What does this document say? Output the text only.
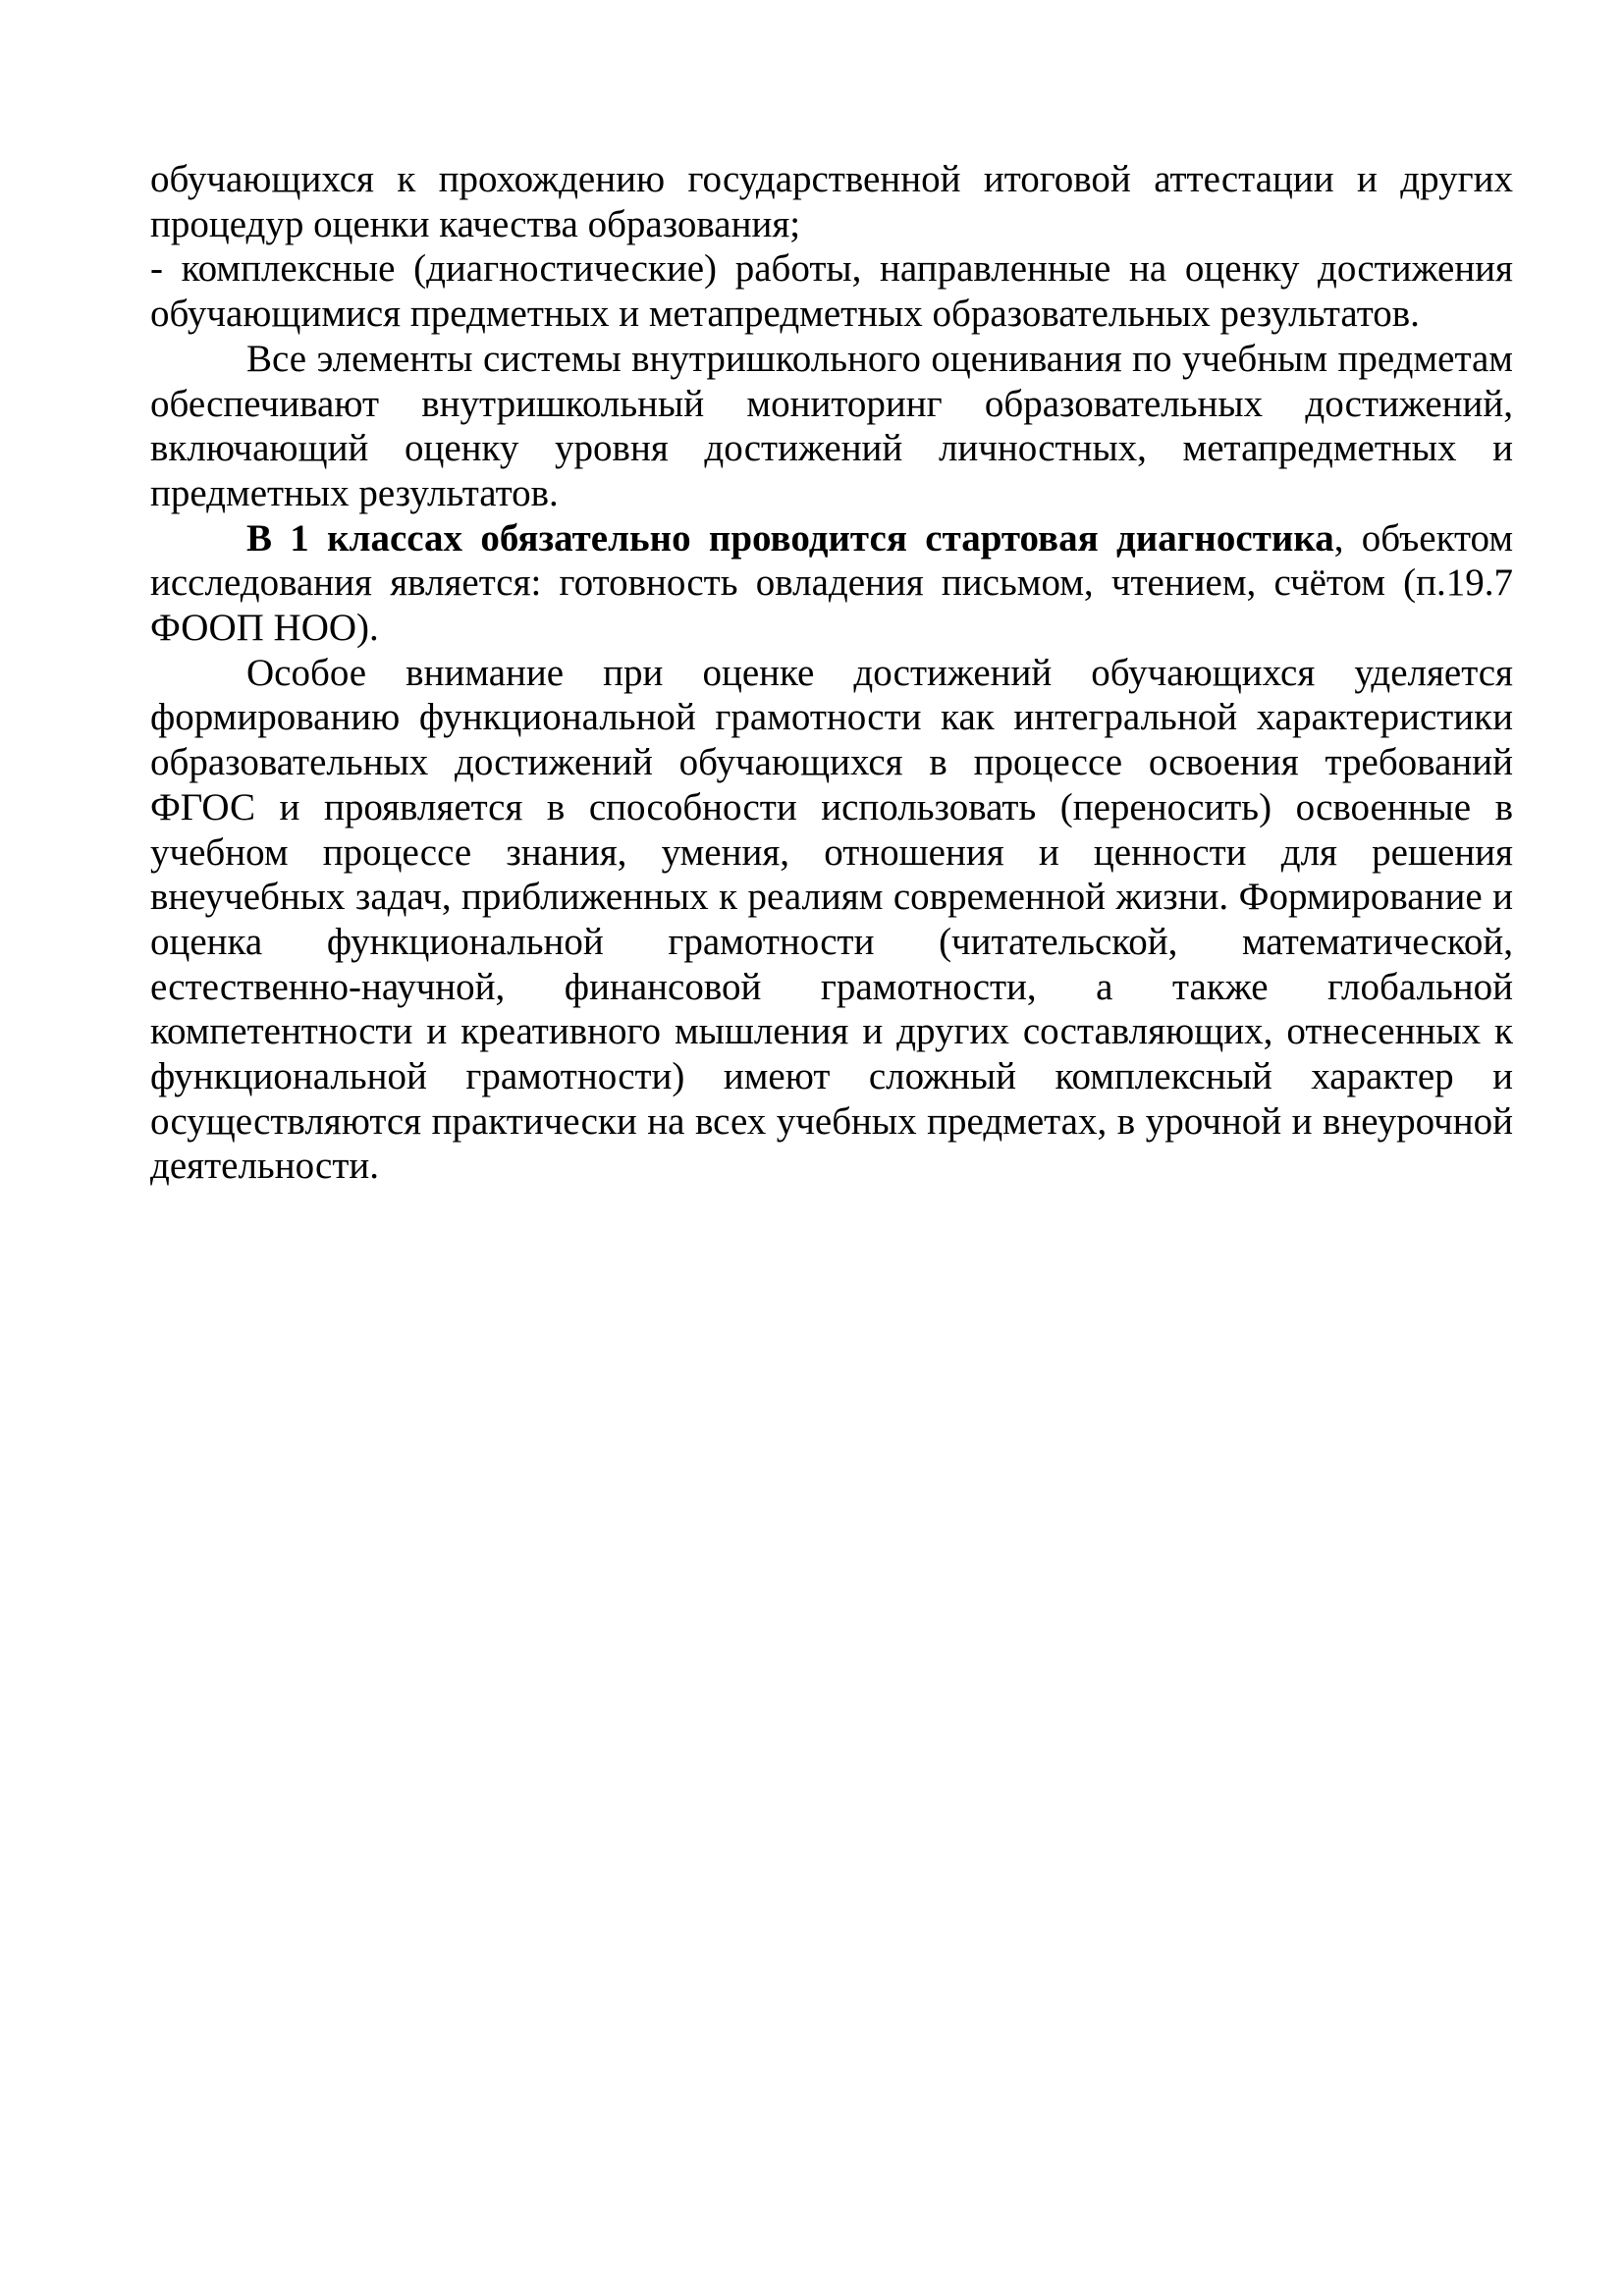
обучающихся к прохождению государственной итоговой аттестации и других процедур оценки качества образования;

- комплексные (диагностические) работы, направленные на оценку достижения обучающимися предметных и метапредметных образовательных результатов.

Все элементы системы внутришкольного оценивания по учебным предметам обеспечивают внутришкольный мониторинг образовательных достижений, включающий оценку уровня достижений личностных, метапредметных и предметных результатов.

В 1 классах обязательно проводится стартовая диагностика, объектом исследования является: готовность овладения письмом, чтением, счётом (п.19.7 ФООП НОО).

Особое внимание при оценке достижений обучающихся уделяется формированию функциональной грамотности как интегральной характеристики образовательных достижений обучающихся в процессе освоения требований ФГОС и проявляется в способности использовать (переносить) освоенные в учебном процессе знания, умения, отношения и ценности для решения внеучебных задач, приближенных к реалиям современной жизни. Формирование и оценка функциональной грамотности (читательской, математической, естественно-научной, финансовой грамотности, а также глобальной компетентности и креативного мышления и других составляющих, отнесенных к функциональной грамотности) имеют сложный комплексный характер и осуществляются практически на всех учебных предметах, в урочной и внеурочной деятельности.
